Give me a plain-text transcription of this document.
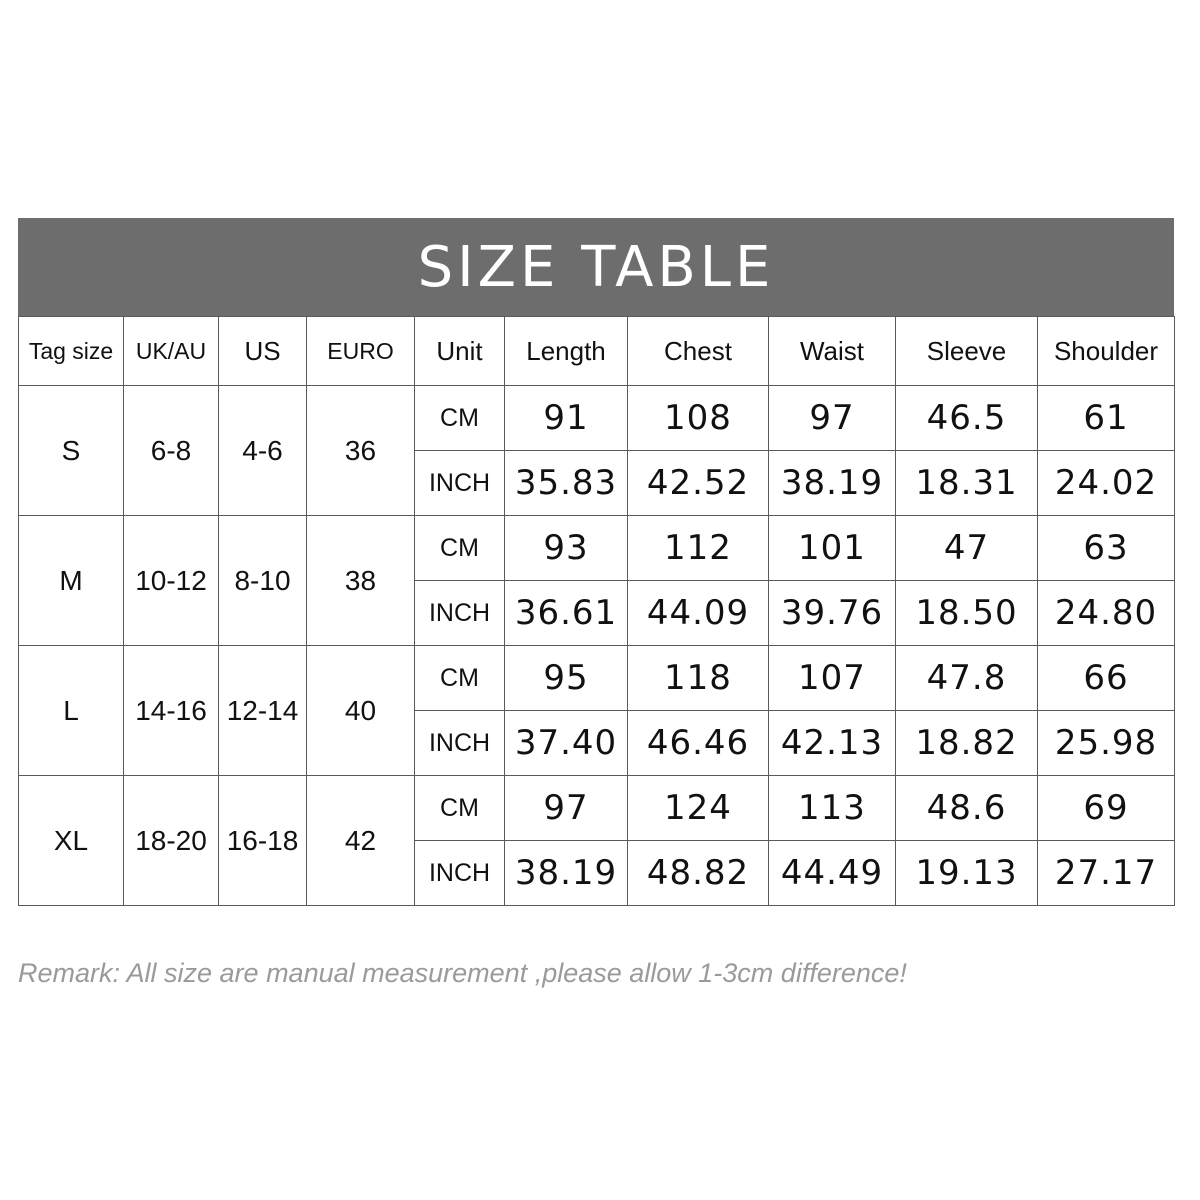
SIZE TABLE
Tag size	UK/AU	US	EURO	Unit	Length	Chest	Waist	Sleeve	Shoulder
S	6-8	4-6	36	CM	91	108	97	46.5	61
				INCH	35.83	42.52	38.19	18.31	24.02
M	10-12	8-10	38	CM	93	112	101	47	63
				INCH	36.61	44.09	39.76	18.50	24.80
L	14-16	12-14	40	CM	95	118	107	47.8	66
				INCH	37.40	46.46	42.13	18.82	25.98
XL	18-20	16-18	42	CM	97	124	113	48.6	69
				INCH	38.19	48.82	44.49	19.13	27.17
Remark: All size are manual measurement ,please allow 1-3cm difference!
